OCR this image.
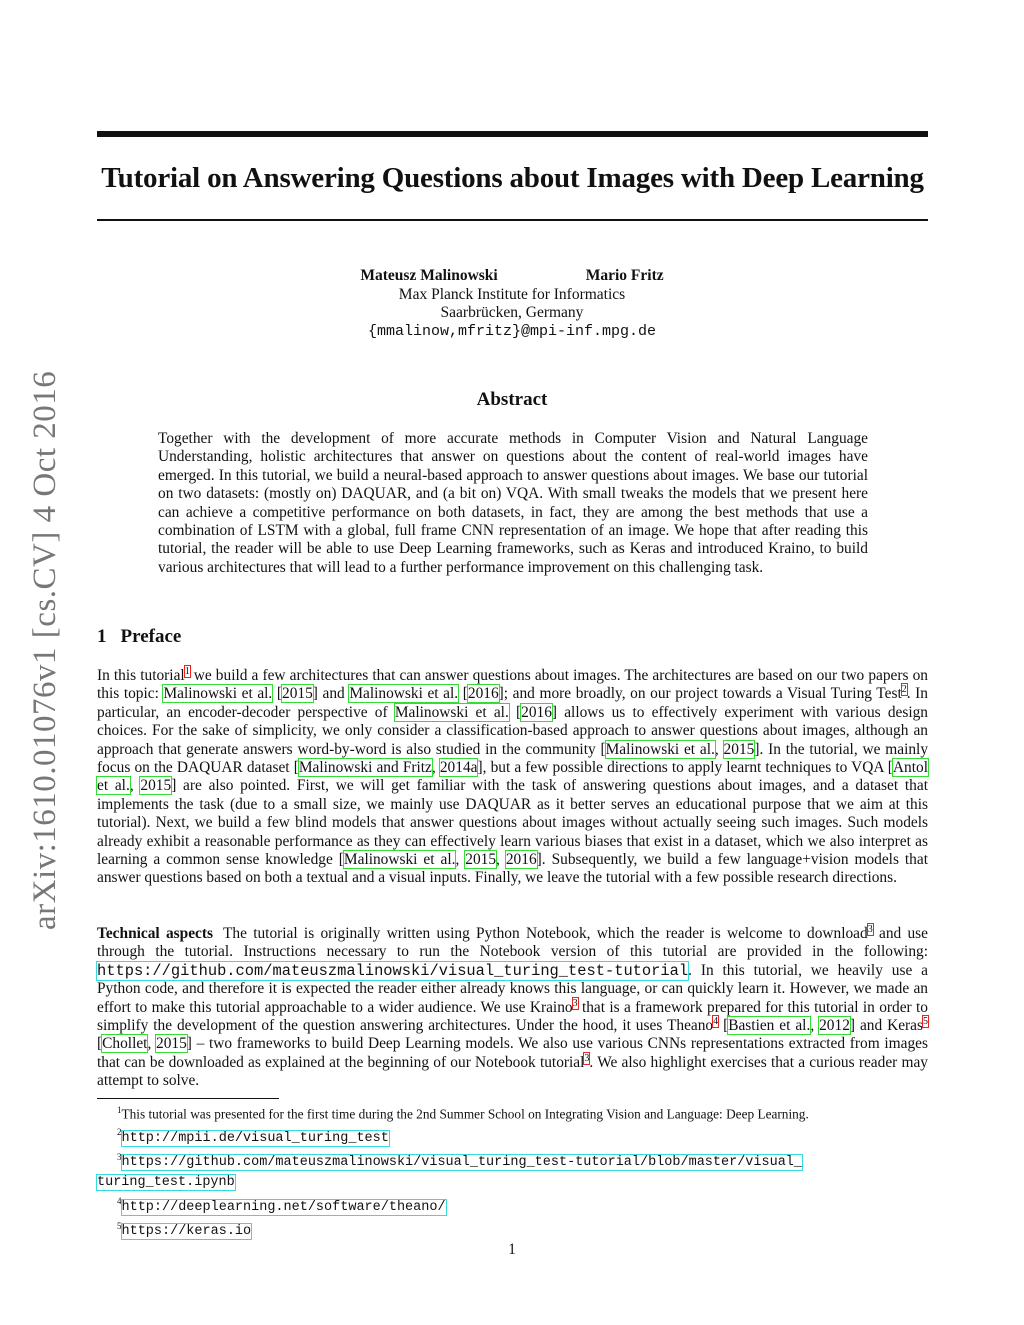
arXiv:1610.01076v1 [cs.CV] 4 Oct 2016
Tutorial on Answering Questions about Images with Deep Learning
Mateusz Malinowski	Mario Fritz
Max Planck Institute for Informatics
Saarbrücken, Germany
{mmalinow,mfritz}@mpi-inf.mpg.de
Abstract
Together with the development of more accurate methods in Computer Vision and Natural Language Understanding, holistic architectures that answer on questions about the content of real-world images have emerged. In this tutorial, we build a neural-based approach to answer questions about images. We base our tutorial on two datasets: (mostly on) DAQUAR, and (a bit on) VQA. With small tweaks the models that we present here can achieve a competitive performance on both datasets, in fact, they are among the best methods that use a combination of LSTM with a global, full frame CNN representation of an image. We hope that after reading this tutorial, the reader will be able to use Deep Learning frameworks, such as Keras and introduced Kraino, to build various architectures that will lead to a further performance improvement on this challenging task.
1 Preface
In this tutorial$^1$ we build a few architectures that can answer questions about images. The architectures are based on our two papers on this topic: Malinowski et al. [2015] and Malinowski et al. [2016]; and more broadly, on our project towards a Visual Turing Test$^2$. In particular, an encoder-decoder perspective of Malinowski et al. [2016] allows us to effectively experiment with various design choices. For the sake of simplicity, we only consider a classification-based approach to answer questions about images, although an approach that generate answers word-by-word is also studied in the community [Malinowski et al., 2015]. In the tutorial, we mainly focus on the DAQUAR dataset [Malinowski and Fritz, 2014a], but a few possible directions to apply learnt techniques to VQA [Antol et al., 2015] are also pointed. First, we will get familiar with the task of answering questions about images, and a dataset that implements the task (due to a small size, we mainly use DAQUAR as it better serves an educational purpose that we aim at this tutorial). Next, we build a few blind models that answer questions about images without actually seeing such images. Such models already exhibit a reasonable performance as they can effectively learn various biases that exist in a dataset, which we also interpret as learning a common sense knowledge [Malinowski et al., 2015, 2016]. Subsequently, we build a few language+vision models that answer questions based on both a textual and a visual inputs. Finally, we leave the tutorial with a few possible research directions.
Technical aspects The tutorial is originally written using Python Notebook, which the reader is welcome to download$^3$ and use through the tutorial. Instructions necessary to run the Notebook version of this tutorial are provided in the following: https://github.com/mateuszmalinowski/visual_turing_test-tutorial. In this tutorial, we heavily use a Python code, and therefore it is expected the reader either already knows this language, or can quickly learn it. However, we made an effort to make this tutorial approachable to a wider audience. We use Kraino$^3$ that is a framework prepared for this tutorial in order to simplify the development of the question answering architectures. Under the hood, it uses Theano$^4$ [Bastien et al., 2012] and Keras$^5$ [Chollet, 2015] – two frameworks to build Deep Learning models. We also use various CNNs representations extracted from images that can be downloaded as explained at the beginning of our Notebook tutorial$^3$. We also highlight exercises that a curious reader may attempt to solve.
$^1$This tutorial was presented for the first time during the 2nd Summer School on Integrating Vision and Language: Deep Learning.
$^2$http://mpii.de/visual_turing_test
$^3$https://github.com/mateuszmalinowski/visual_turing_test-tutorial/blob/master/visual_
turing_test.ipynb
$^4$http://deeplearning.net/software/theano/
$^5$https://keras.io
1
